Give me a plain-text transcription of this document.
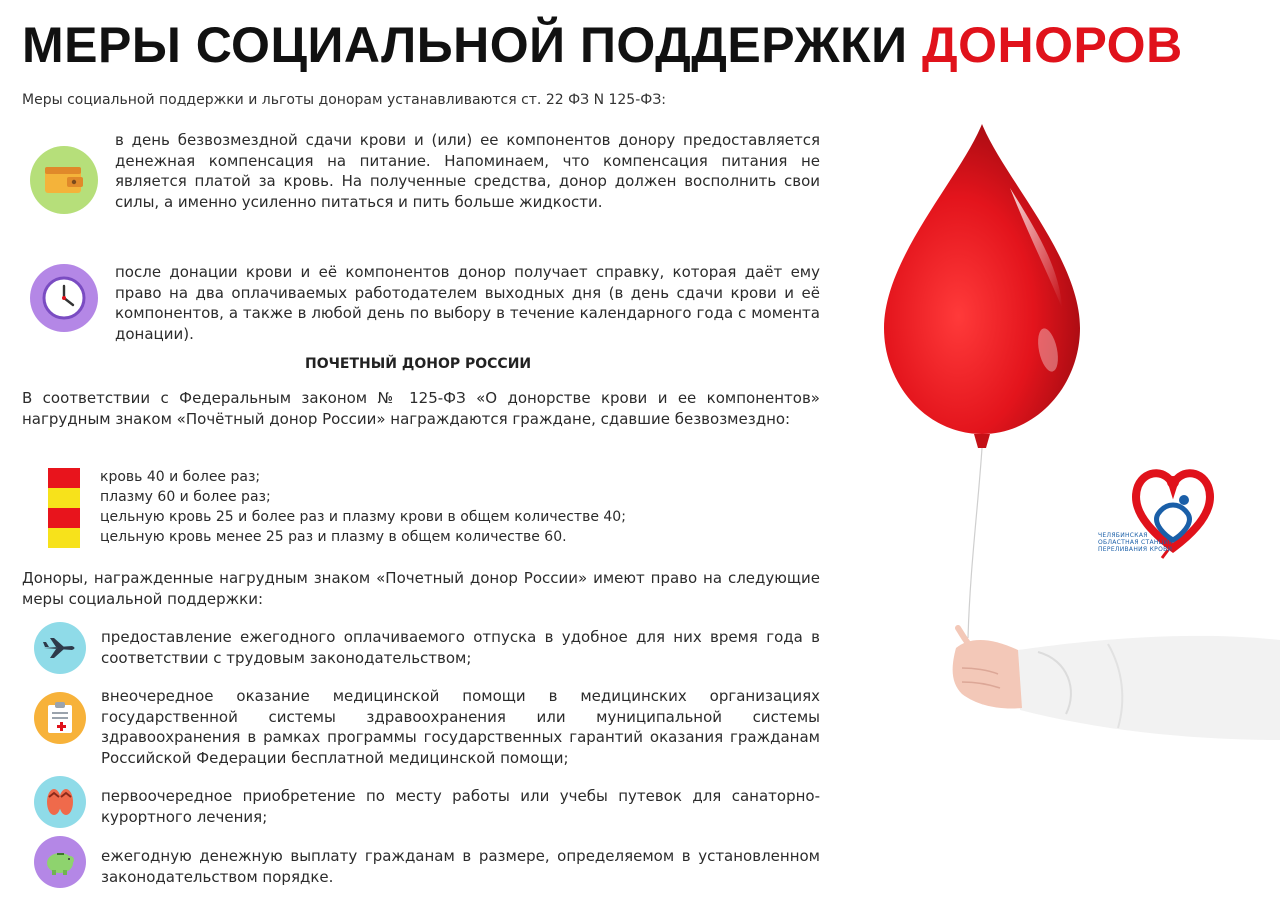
МЕРЫ СОЦИАЛЬНОЙ ПОДДЕРЖКИ ДОНОРОВ
Меры социальной поддержки и льготы донорам устанавливаются ст. 22 ФЗ N 125-ФЗ:
в день безвозмездной сдачи крови и (или) ее компонентов донору предоставляется денежная компенсация на питание. Напоминаем, что компенсация питания не является платой за кровь. На полученные средства, донор должен восполнить свои силы, а именно усиленно питаться и пить больше жидкости.
после донации крови и её компонентов донор получает справку, которая даёт ему право на два оплачиваемых работодателем выходных дня (в день сдачи крови и её компонентов, а также в любой день по выбору в течение календарного года с момента донации).
ПОЧЕТНЫЙ ДОНОР РОССИИ
В соответствии с Федеральным законом № 125-ФЗ «О донорстве крови и ее компонентов» нагрудным знаком «Почётный донор России» награждаются граждане, сдавшие безвозмездно:
кровь 40 и более раз;
плазму 60 и более раз;
цельную кровь 25 и более раз и плазму крови в общем количестве 40;
цельную кровь менее 25 раз и плазму в общем количестве 60.
Доноры, награжденные нагрудным знаком «Почетный донор России» имеют право на следующие меры социальной поддержки:
предоставление ежегодного оплачиваемого отпуска в удобное для них время года в соответствии с трудовым законодательством;
внеочередное оказание медицинской помощи в медицинских организациях государственной системы здравоохранения или муниципальной системы здравоохранения в рамках программы государственных гарантий оказания гражданам Российской Федерации бесплатной медицинской помощи;
первоочередное приобретение по месту работы или учебы путевок для санаторно-курортного лечения;
ежегодную денежную выплату гражданам в размере, определяемом в установленном законодательством порядке.
ЧЕЛЯБИНСКАЯ
ОБЛАСТНАЯ СТАНЦИЯ
ПЕРЕЛИВАНИЯ КРОВИ
